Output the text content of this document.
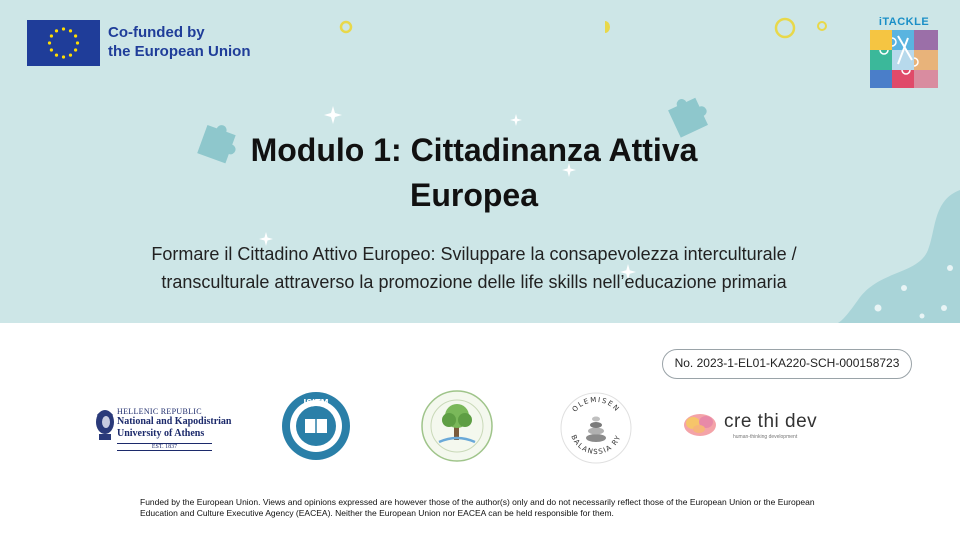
Co-funded by
the European Union
iTACKLE
Modulo 1: Cittadinanza Attiva
Europea
Formare il Cittadino Attivo Europeo: Sviluppare la consapevolezza interculturale /
transculturale attraverso la promozione delle life skills nell’educazione primaria
No. 2023-1-EL01-KA220-SCH-000158723
HELLENIC REPUBLIC
National and Kapodistrian
University of Athens
EST. 1837
ISJTM
OLEMISEN
BALANSSIA RY
cre thi dev
human-thinking development
Funded by the European Union. Views and opinions expressed are however those of the author(s) only and do not necessarily reflect those of the European Union or the European Education and Culture Executive Agency (EACEA). Neither the European Union nor EACEA can be held responsible for them.
